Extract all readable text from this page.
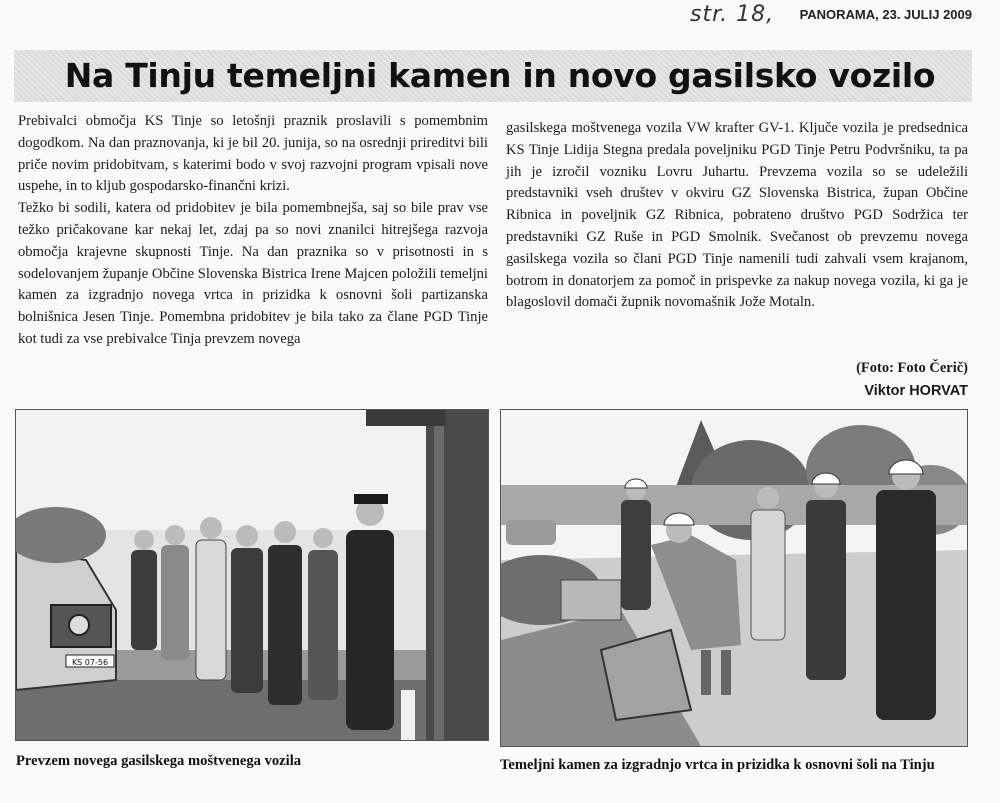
str. 18, PANORAMA, 23. JULIJ 2009
Na Tinju temeljni kamen in novo gasilsko vozilo

Prebivalci območja KS Tinje so letošnji praznik proslavili s pomembnim dogodkom. Na dan praznovanja, ki je bil 20. junija, so na osrednji prireditvi bili priče novim pridobitvam, s katerimi bodo v svoj razvojni program vpisali nove uspehe, in to kljub gospodarsko-finančni krizi.

Težko bi sodili, katera od pridobitev je bila pomembnejša, saj so bile prav vse težko pričakovane kar nekaj let, zdaj pa so novi znanilci hitrejšega razvoja območja krajevne skupnosti Tinje. Na dan praznika so v prisotnosti in s sodelovanjem županje Občine Slovenska Bistrica Irene Majcen položili temeljni kamen za izgradnjo novega vrtca in prizidka k osnovni šoli partizanska bolnišnica Jesen Tinje. Pomembna pridobitev je bila tako za člane PGD Tinje kot tudi za vse prebivalce Tinja prevzem novega

gasilskega moštvenega vozila VW krafter GV-1. Ključe vozila je predsednica KS Tinje Lidija Stegna predala poveljniku PGD Tinje Petru Podvršniku, ta pa jih je izročil vozniku Lovru Juhartu. Prevzema vozila so se udeležili predstavniki vseh društev v okviru GZ Slovenska Bistrica, župan Občine Ribnica in poveljnik GZ Ribnica, pobrateno društvo PGD Sodržica ter predstavniki GZ Ruše in PGD Smolnik. Svečanost ob prevzemu novega gasilskega vozila so člani PGD Tinje namenili tudi zahvali vsem krajanom, botrom in donatorjem za pomoč in prispevke za nakup novega vozila, ki ga je blagoslovil domači župnik novomašnik Jože Motaln.

(Foto: Foto Čerič)
Viktor HORVAT
KS 07-56
Prevzem novega gasilskega moštvenega vozila	Temeljni kamen za izgradnjo vrtca in prizidka k osnovni šoli na Tinju
